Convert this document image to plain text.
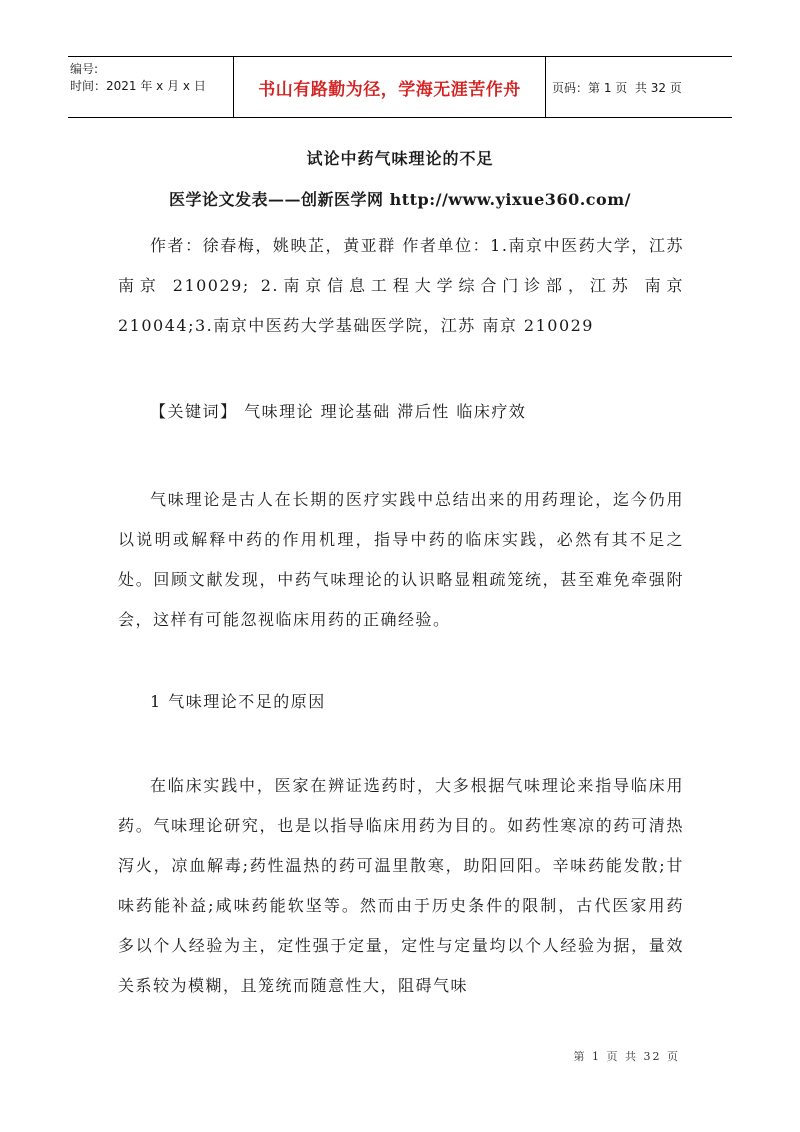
编号:
时间：2021 年 x 月 x 日	书山有路勤为径，学海无涯苦作舟	页码：第 1 页  共 32 页
试论中药气味理论的不足
医学论文发表——创新医学网 http://www.yixue360.com/

作者：徐春梅，姚映芷，黄亚群 作者单位：1.南京中医药大学，江苏 南京 210029; 2.南京信息工程大学综合门诊部，江苏 南京 210044;3.南京中医药大学基础医学院，江苏 南京 210029

【关键词】 气味理论 理论基础 滞后性 临床疗效
气味理论是古人在长期的医疗实践中总结出来的用药理论，迄今仍用以说明或解释中药的作用机理，指导中药的临床实践，必然有其不足之处。回顾文献发现，中药气味理论的认识略显粗疏笼统，甚至难免牵强附会，这样有可能忽视临床用药的正确经验。
1 气味理论不足的原因
在临床实践中，医家在辨证选药时，大多根据气味理论来指导临床用药。气味理论研究，也是以指导临床用药为目的。如药性寒凉的药可清热泻火，凉血解毒;药性温热的药可温里散寒，助阳回阳。辛味药能发散;甘味药能补益;咸味药能软坚等。然而由于历史条件的限制，古代医家用药多以个人经验为主，定性强于定量，定性与定量均以个人经验为据，量效关系较为模糊，且笼统而随意性大，阻碍气味
第 1 页 共 32 页
